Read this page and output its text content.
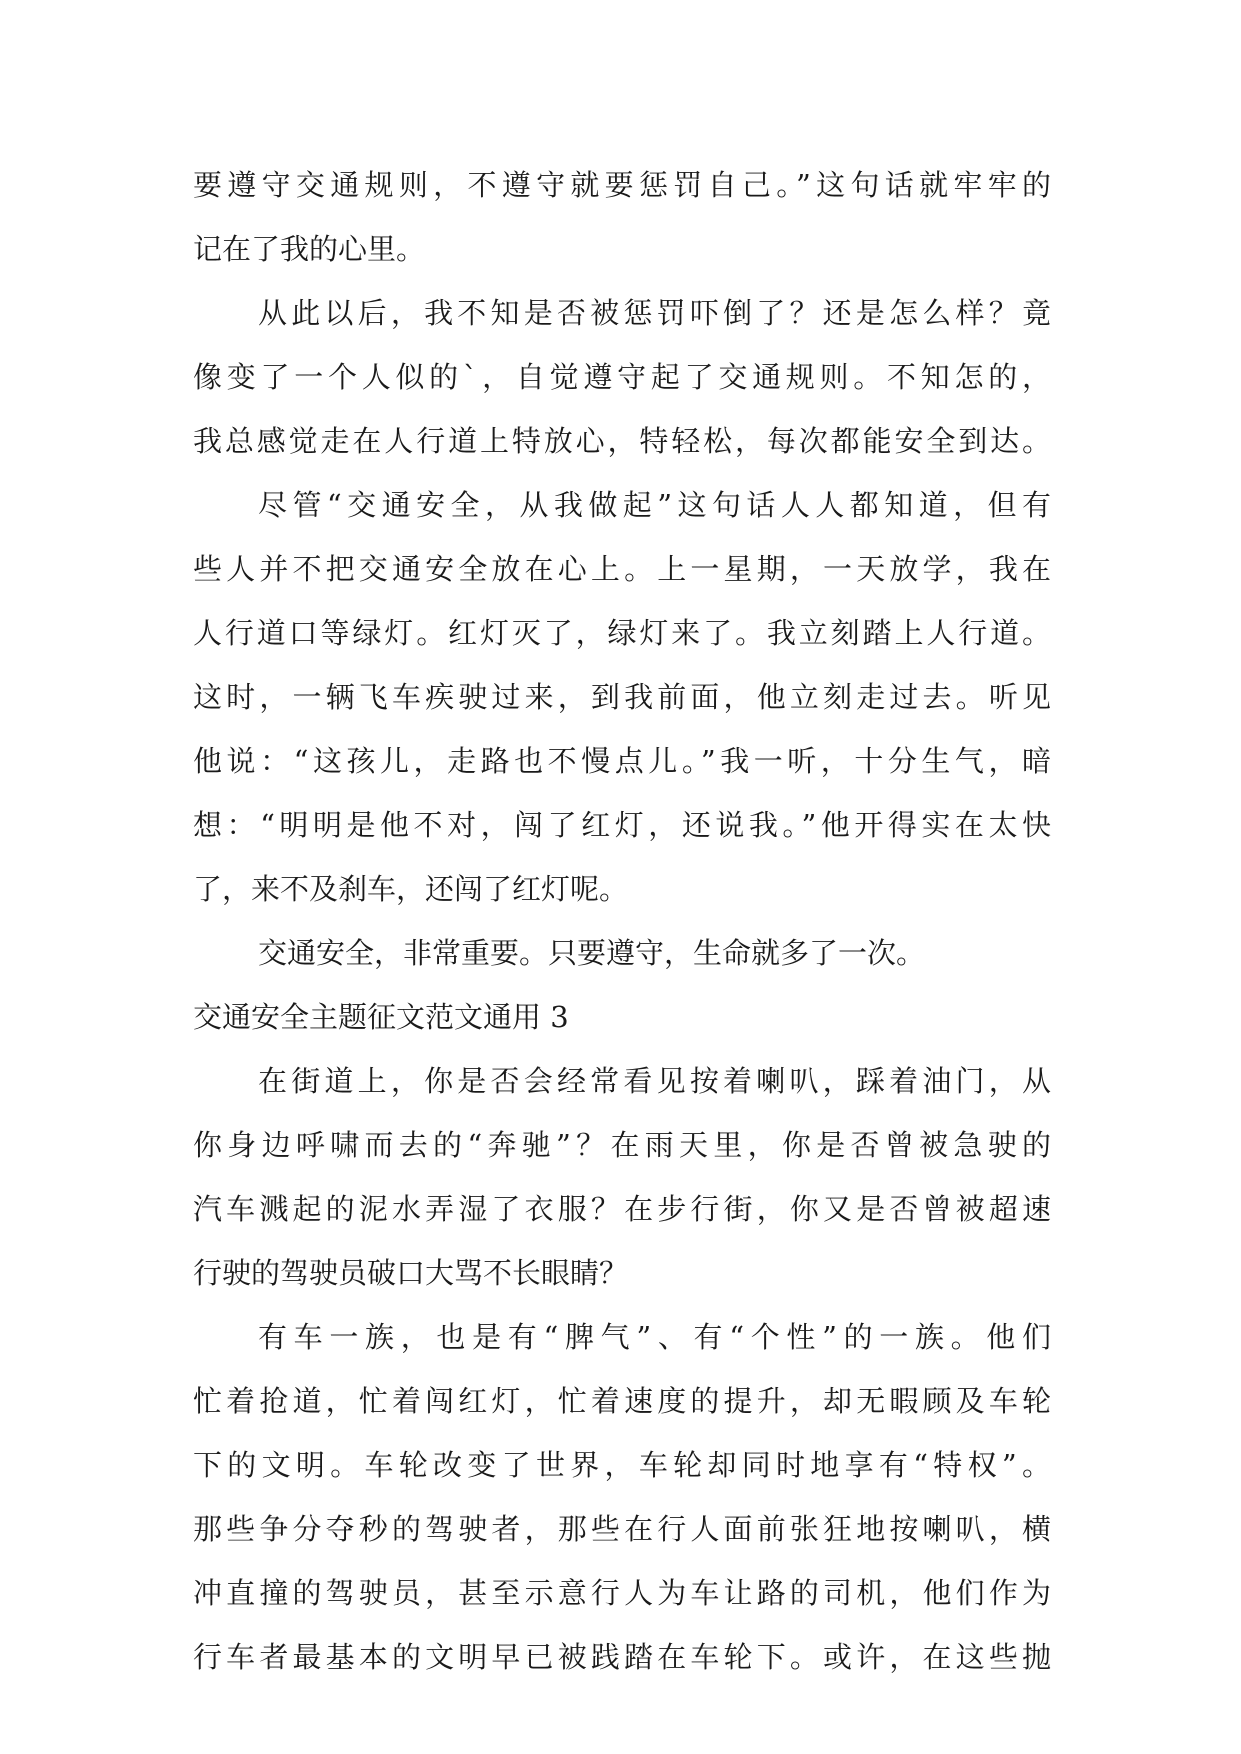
要遵守交通规则，不遵守就要惩罚自己。”这句话就牢牢的
记在了我的心里。
从此以后，我不知是否被惩罚吓倒了？还是怎么样？竟
像变了一个人似的`，自觉遵守起了交通规则。不知怎的，
我总感觉走在人行道上特放心，特轻松，每次都能安全到达。
尽管“交通安全，从我做起”这句话人人都知道，但有
些人并不把交通安全放在心上。上一星期，一天放学，我在
人行道口等绿灯。红灯灭了，绿灯来了。我立刻踏上人行道。
这时，一辆飞车疾驶过来，到我前面，他立刻走过去。听见
他说：“这孩儿，走路也不慢点儿。”我一听，十分生气，暗
想：“明明是他不对，闯了红灯，还说我。”他开得实在太快
了，来不及刹车，还闯了红灯呢。
交通安全，非常重要。只要遵守，生命就多了一次。
交通安全主题征文范文通用 3
在街道上，你是否会经常看见按着喇叭，踩着油门，从
你身边呼啸而去的“奔驰”？在雨天里，你是否曾被急驶的
汽车溅起的泥水弄湿了衣服？在步行街，你又是否曾被超速
行驶的驾驶员破口大骂不长眼睛？
有车一族，也是有“脾气”、有“个性”的一族。他们
忙着抢道，忙着闯红灯，忙着速度的提升，却无暇顾及车轮
下的文明。车轮改变了世界，车轮却同时地享有“特权”。
那些争分夺秒的驾驶者，那些在行人面前张狂地按喇叭，横
冲直撞的驾驶员，甚至示意行人为车让路的司机，他们作为
行车者最基本的文明早已被践踏在车轮下。或许，在这些抛
